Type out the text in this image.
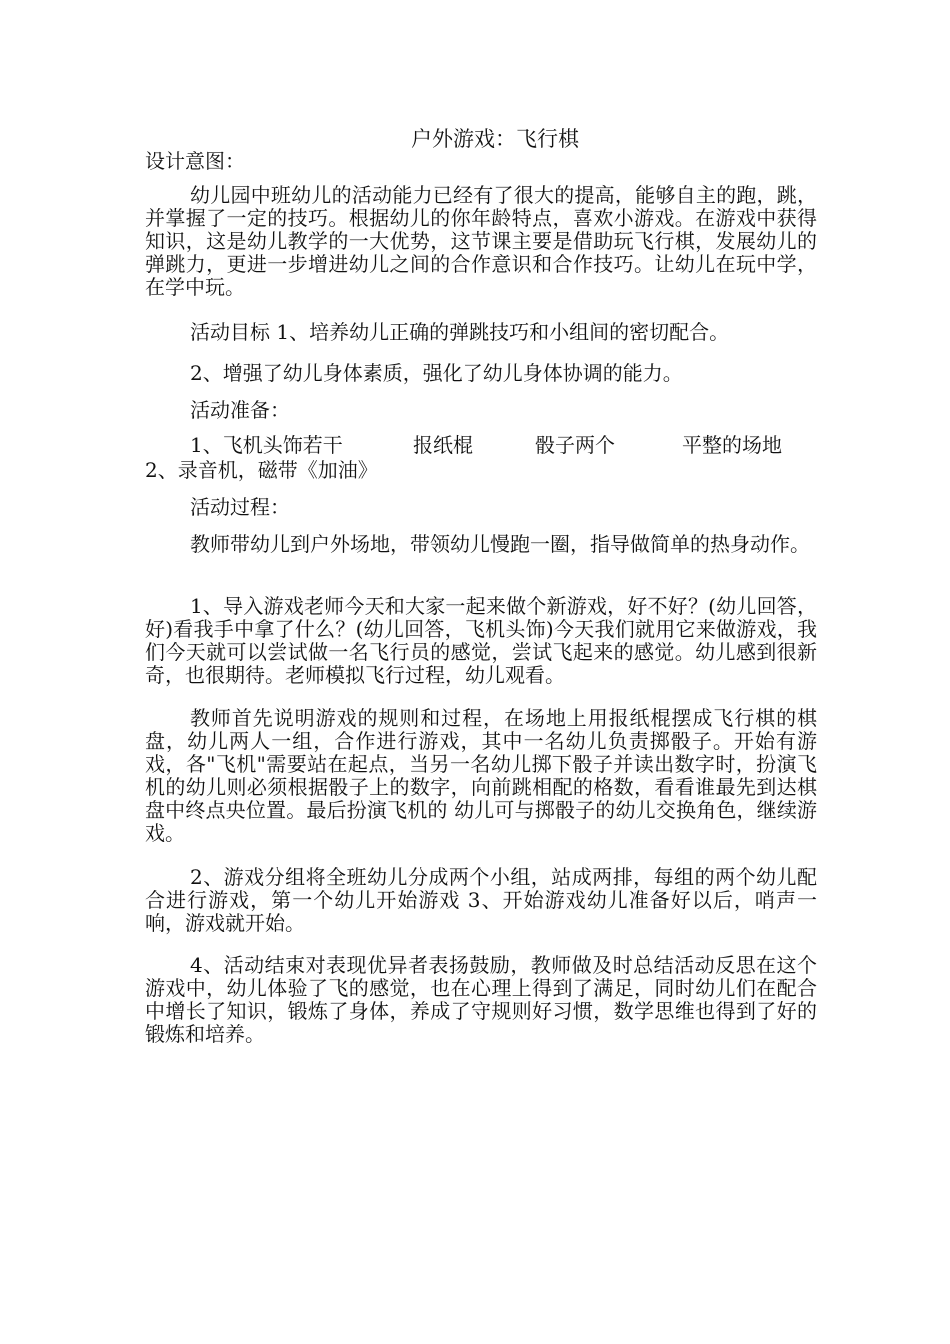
户外游戏：飞行棋
设计意图：
幼儿园中班幼儿的活动能力已经有了很大的提高，能够自主的跑，跳，并掌握了一定的技巧。根据幼儿的你年龄特点，喜欢小游戏。在游戏中获得知识，这是幼儿教学的一大优势，这节课主要是借助玩飞行棋，发展幼儿的弹跳力，更进一步增进幼儿之间的合作意识和合作技巧。让幼儿在玩中学，在学中玩。
活动目标 1、培养幼儿正确的弹跳技巧和小组间的密切配合。
2、增强了幼儿身体素质，强化了幼儿身体协调的能力。
活动准备：
1、飞机头饰若干	报纸棍	骰子两个	平整的场地
2、录音机，磁带《加油》
活动过程：
教师带幼儿到户外场地，带领幼儿慢跑一圈，指导做简单的热身动作。
1、导入游戏老师今天和大家一起来做个新游戏，好不好？(幼儿回答，好)看我手中拿了什么？(幼儿回答，飞机头饰)今天我们就用它来做游戏，我们今天就可以尝试做一名飞行员的感觉，尝试飞起来的感觉。幼儿感到很新奇，也很期待。老师模拟飞行过程，幼儿观看。
教师首先说明游戏的规则和过程，在场地上用报纸棍摆成飞行棋的棋盘，幼儿两人一组，合作进行游戏，其中一名幼儿负责掷骰子。开始有游戏，各"飞机"需要站在起点，当另一名幼儿掷下骰子并读出数字时，扮演飞机的幼儿则必须根据骰子上的数字，向前跳相配的格数，看看谁最先到达棋盘中终点央位置。最后扮演飞机的 幼儿可与掷骰子的幼儿交换角色，继续游戏。
2、游戏分组将全班幼儿分成两个小组，站成两排，每组的两个幼儿配合进行游戏，第一个幼儿开始游戏 3、开始游戏幼儿准备好以后，哨声一响，游戏就开始。
4、活动结束对表现优异者表扬鼓励，教师做及时总结活动反思在这个游戏中，幼儿体验了飞的感觉，也在心理上得到了满足，同时幼儿们在配合中增长了知识，锻炼了身体，养成了守规则好习惯，数学思维也得到了好的锻炼和培养。
